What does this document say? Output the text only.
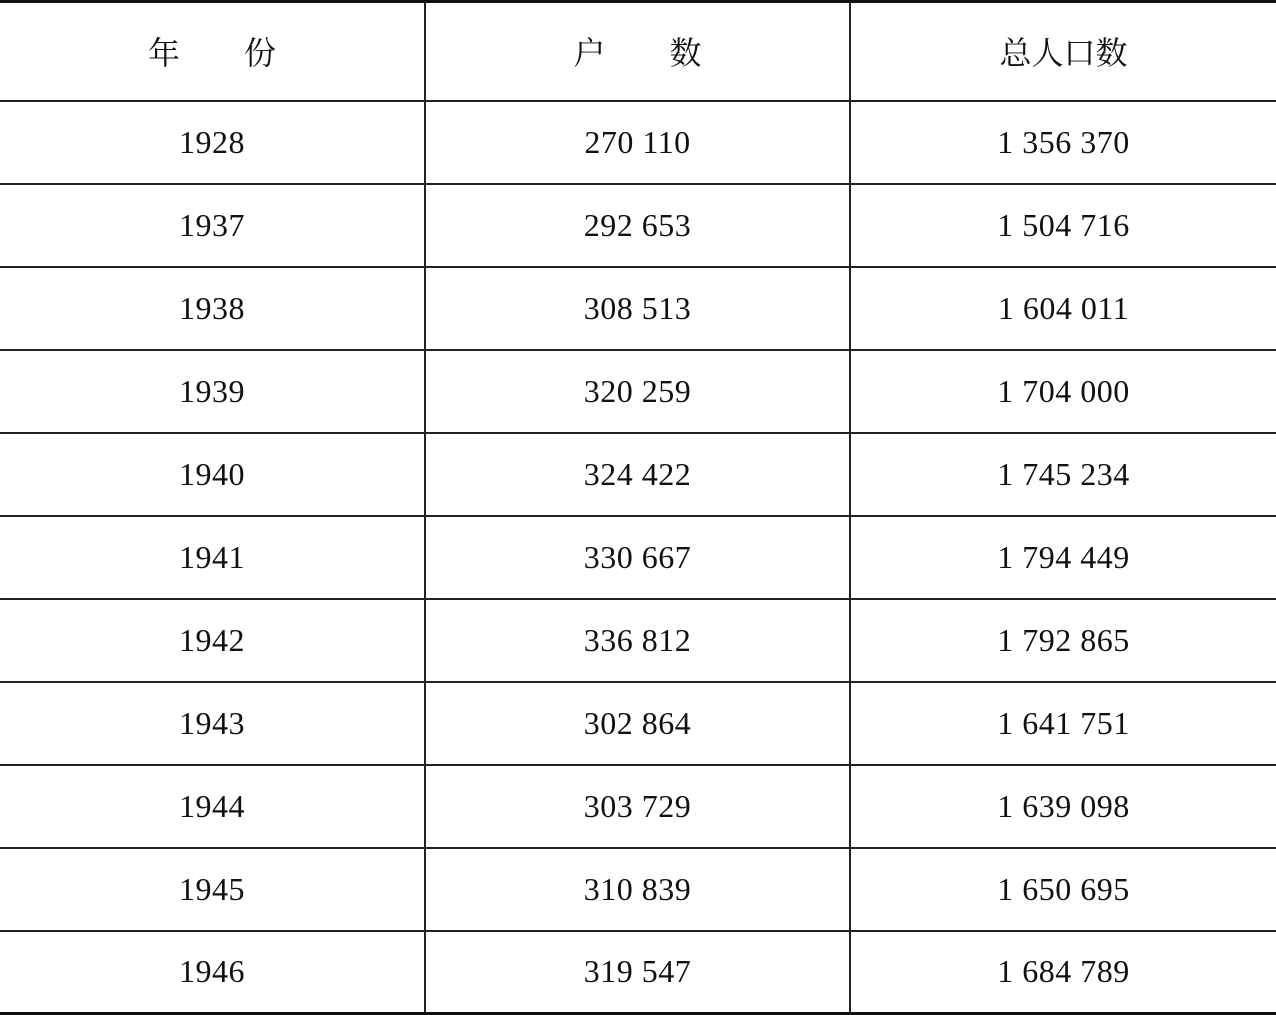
年　　份	户　　数	总人口数
1928	270 110	1 356 370
1937	292 653	1 504 716
1938	308 513	1 604 011
1939	320 259	1 704 000
1940	324 422	1 745 234
1941	330 667	1 794 449
1942	336 812	1 792 865
1943	302 864	1 641 751
1944	303 729	1 639 098
1945	310 839	1 650 695
1946	319 547	1 684 789
